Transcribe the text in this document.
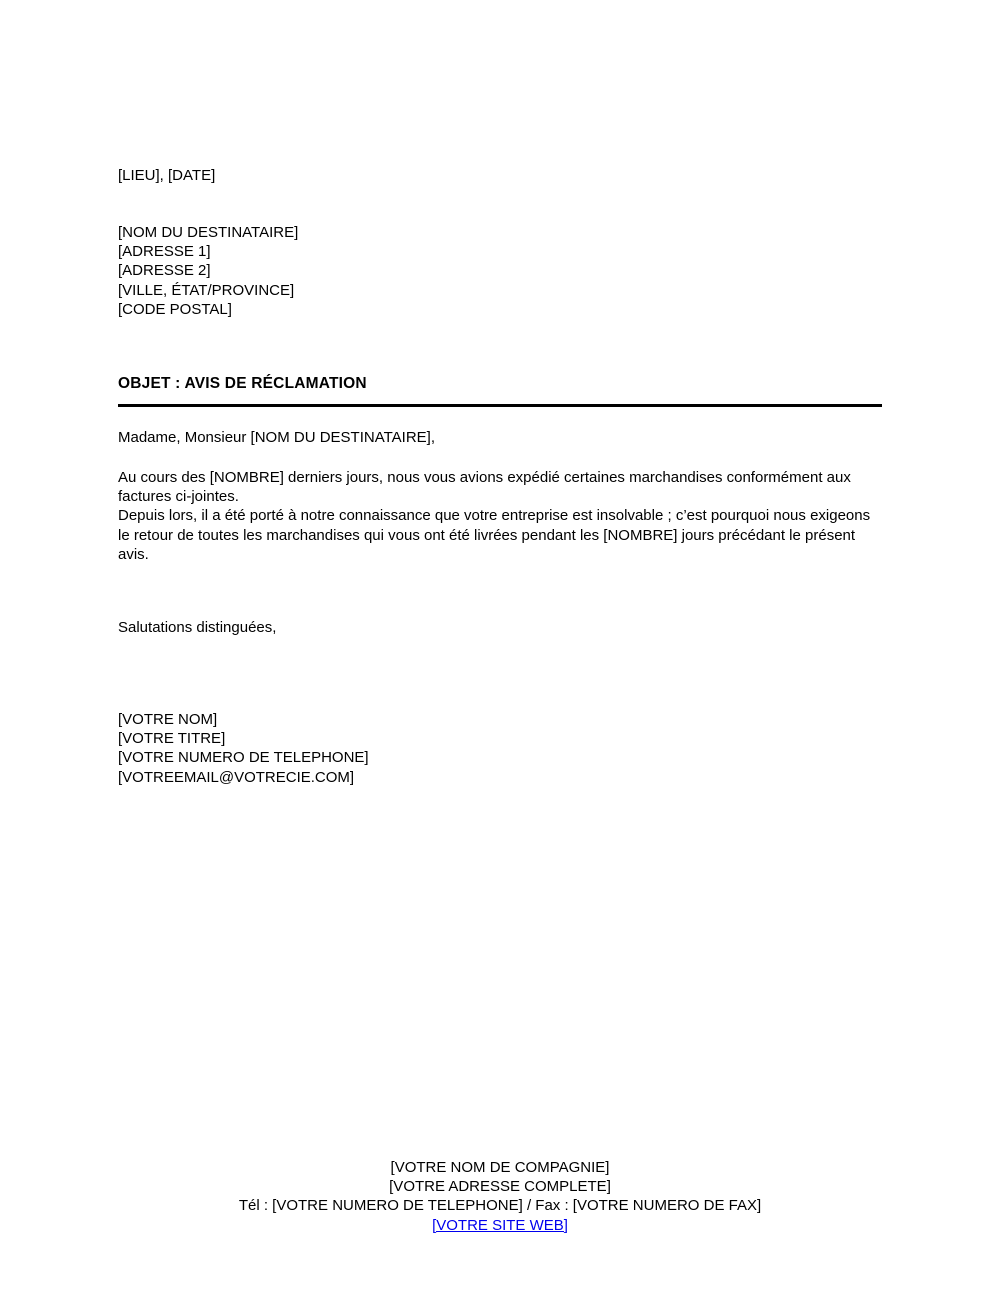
[LIEU], [DATE]
[NOM DU DESTINATAIRE]
[ADRESSE 1]
[ADRESSE 2]
[VILLE, ÉTAT/PROVINCE]
[CODE POSTAL]
OBJET : AVIS DE RÉCLAMATION
Madame, Monsieur [NOM DU DESTINATAIRE],

Au cours des [NOMBRE] derniers jours, nous vous avions expédié certaines marchandises conformément aux factures ci-jointes.

Depuis lors, il a été porté à notre connaissance que votre entreprise est insolvable ; c’est pourquoi nous exigeons le retour de toutes les marchandises qui vous ont été livrées pendant les [NOMBRE] jours précédant le présent avis.

Salutations distinguées,
[VOTRE NOM]
[VOTRE TITRE]
[VOTRE NUMERO DE TELEPHONE]
[VOTREEMAIL@VOTRECIE.COM]
[VOTRE NOM DE COMPAGNIE]
[VOTRE ADRESSE COMPLETE]
Tél : [VOTRE NUMERO DE TELEPHONE] / Fax : [VOTRE NUMERO DE FAX]
[VOTRE SITE WEB]
